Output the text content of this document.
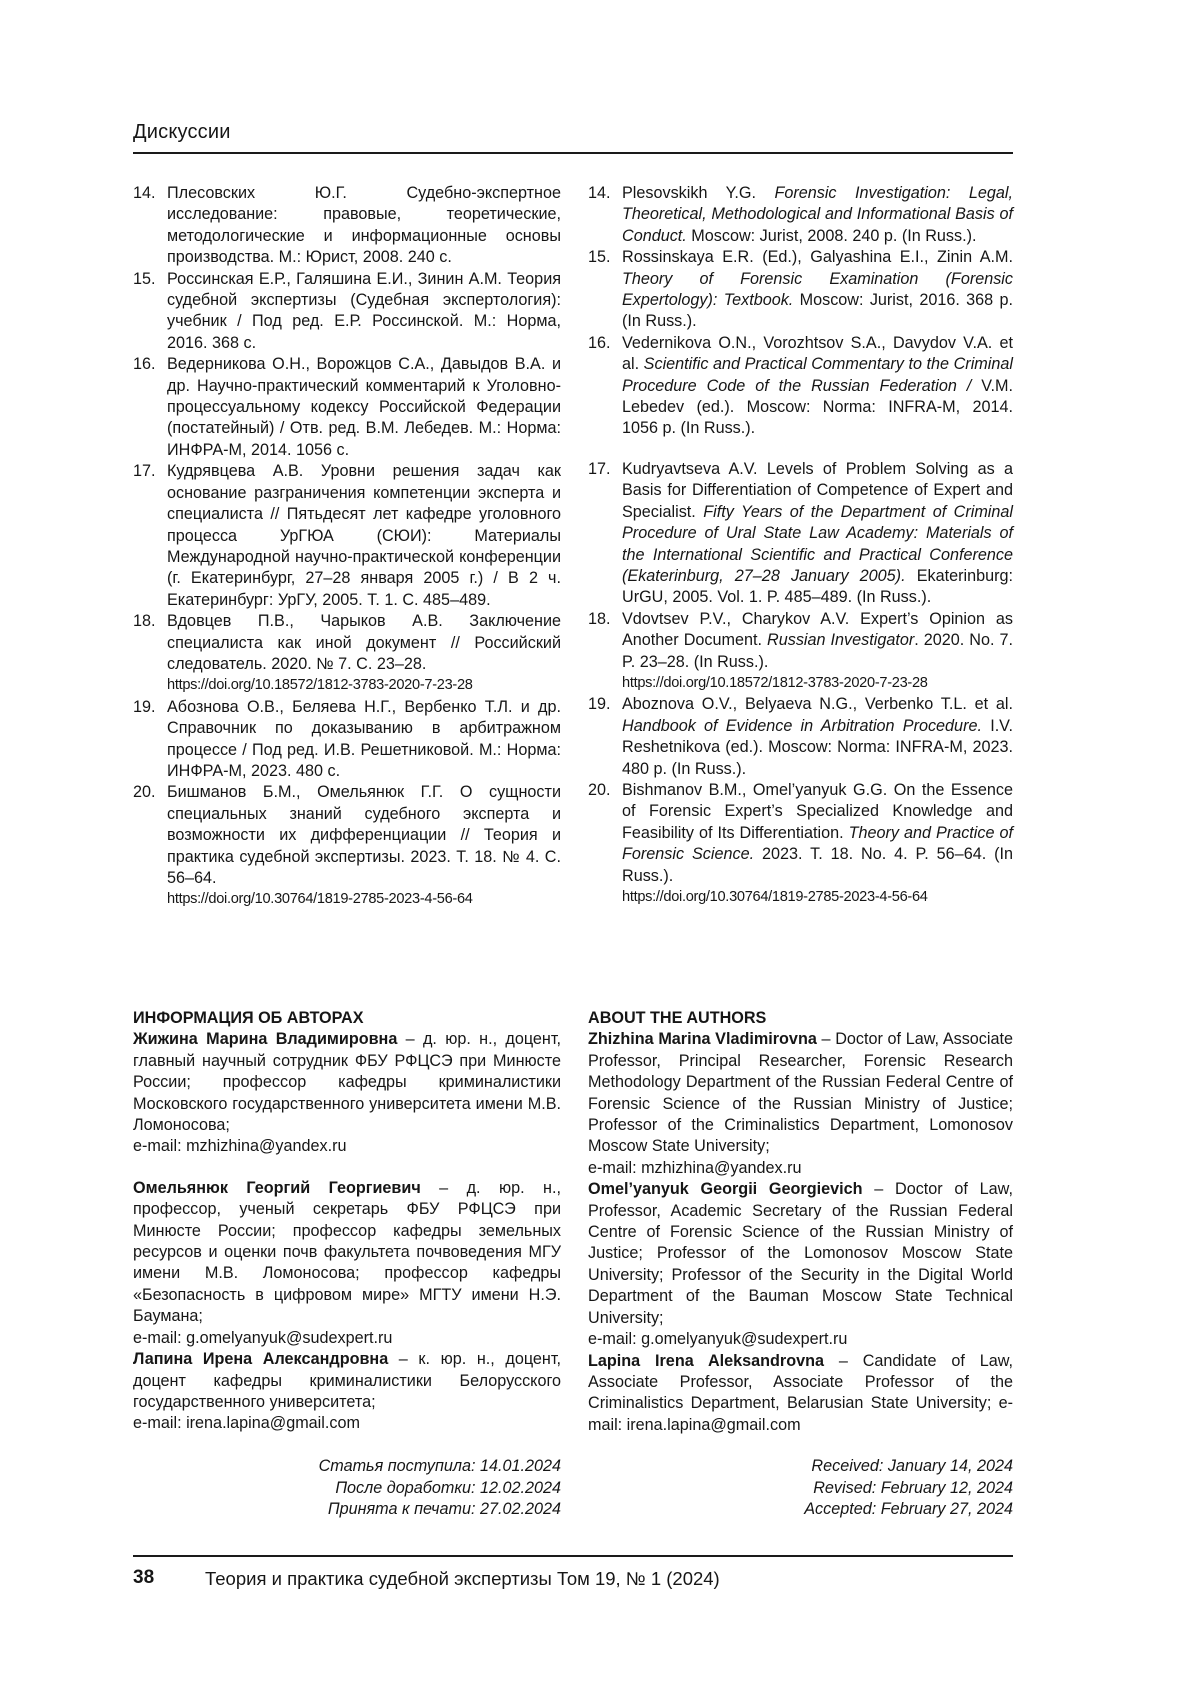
Дискуссии
14. Плесовских Ю.Г. Судебно-экспертное исследование: правовые, теоретические, методологические и информационные основы производства. М.: Юрист, 2008. 240 с.
15. Россинская Е.Р., Галяшина Е.И., Зинин А.М. Теория судебной экспертизы (Судебная экспертология): учебник / Под ред. Е.Р. Россинской. М.: Норма, 2016. 368 с.
16. Ведерникова О.Н., Ворожцов С.А., Давыдов В.А. и др. Научно-практический комментарий к Уголовно-процессуальному кодексу Российской Федерации (постатейный) / Отв. ред. В.М. Лебедев. М.: Норма: ИНФРА-М, 2014. 1056 с.
17. Кудрявцева А.В. Уровни решения задач как основание разграничения компетенции эксперта и специалиста // Пятьдесят лет кафедре уголовного процесса УрГЮА (СЮИ): Материалы Международной научно-практической конференции (г. Екатеринбург, 27–28 января 2005 г.) / В 2 ч. Екатеринбург: УрГУ, 2005. Т. 1. С. 485–489.
18. Вдовцев П.В., Чарыков А.В. Заключение специалиста как иной документ // Российский следователь. 2020. № 7. С. 23–28.
https://doi.org/10.18572/1812-3783-2020-7-23-28
19. Абознова О.В., Беляева Н.Г., Вербенко Т.Л. и др. Справочник по доказыванию в арбитражном процессе / Под ред. И.В. Решетниковой. М.: Норма: ИНФРА-М, 2023. 480 с.
20. Бишманов Б.М., Омельянюк Г.Г. О сущности специальных знаний судебного эксперта и возможности их дифференциации // Теория и практика судебной экспертизы. 2023. Т. 18. № 4. С. 56–64.
https://doi.org/10.30764/1819-2785-2023-4-56-64
14. Plesovskikh Y.G. Forensic Investigation: Legal, Theoretical, Methodological and Informational Basis of Conduct. Moscow: Jurist, 2008. 240 p. (In Russ.).
15. Rossinskaya E.R. (Ed.), Galyashina E.I., Zinin A.M. Theory of Forensic Examination (Forensic Expertology): Textbook. Moscow: Jurist, 2016. 368 p. (In Russ.).
16. Vedernikova O.N., Vorozhtsov S.A., Davydov V.A. et al. Scientific and Practical Commentary to the Criminal Procedure Code of the Russian Federation / V.M. Lebedev (ed.). Moscow: Norma: INFRA-M, 2014. 1056 p. (In Russ.).
17. Kudryavtseva A.V. Levels of Problem Solving as a Basis for Differentiation of Competence of Expert and Specialist. Fifty Years of the Department of Criminal Procedure of Ural State Law Academy: Materials of the International Scientific and Practical Conference (Ekaterinburg, 27–28 January 2005). Ekaterinburg: UrGU, 2005. Vol. 1. P. 485–489. (In Russ.).
18. Vdovtsev P.V., Charykov A.V. Expert’s Opinion as Another Document. Russian Investigator. 2020. No. 7. P. 23–28. (In Russ.).
https://doi.org/10.18572/1812-3783-2020-7-23-28
19. Aboznova O.V., Belyaeva N.G., Verbenko T.L. et al. Handbook of Evidence in Arbitration Procedure. I.V. Reshetnikova (ed.). Moscow: Norma: INFRA-M, 2023. 480 p. (In Russ.).
20. Bishmanov B.M., Omel’yanyuk G.G. On the Essence of Forensic Expert’s Specialized Knowledge and Feasibility of Its Differentiation. Theory and Practice of Forensic Science. 2023. T. 18. No. 4. P. 56–64. (In Russ.).
https://doi.org/10.30764/1819-2785-2023-4-56-64
ИНФОРМАЦИЯ ОБ АВТОРАХ

Жижина Марина Владимировна – д. юр. н., доцент, главный научный сотрудник ФБУ РФЦСЭ при Минюсте России; профессор кафедры криминалистики Московского государственного университета имени М.В. Ломоносова;
e-mail: mzhizhina@yandex.ru

Омельянюк Георгий Георгиевич – д. юр. н., профессор, ученый секретарь ФБУ РФЦСЭ при Минюсте России; профессор кафедры земельных ресурсов и оценки почв факультета почвоведения МГУ имени М.В. Ломоносова; профессор кафедры «Безопасность в цифровом мире» МГТУ имени Н.Э. Баумана;
e-mail: g.omelyanyuk@sudexpert.ru

Лапина Ирена Александровна – к. юр. н., доцент, доцент кафедры криминалистики Белорусского государственного университета;
e-mail: irena.lapina@gmail.com

ABOUT THE AUTHORS

Zhizhina Marina Vladimirovna – Doctor of Law, Associate Professor, Principal Researcher, Forensic Research Methodology Department of the Russian Federal Centre of Forensic Science of the Russian Ministry of Justice; Professor of the Criminalistics Department, Lomonosov Moscow State University;
e-mail: mzhizhina@yandex.ru

Omel’yanyuk Georgii Georgievich – Doctor of Law, Professor, Academic Secretary of the Russian Federal Centre of Forensic Science of the Russian Ministry of Justice; Professor of the Lomonosov Moscow State University; Professor of the Security in the Digital World Department of the Bauman Moscow State Technical University;
e-mail: g.omelyanyuk@sudexpert.ru

Lapina Irena Aleksandrovna – Candidate of Law, Associate Professor, Associate Professor of the Criminalistics Department, Belarusian State University; e-mail: irena.lapina@gmail.com

Статья поступила: 14.01.2024
После доработки: 12.02.2024
Принята к печати: 27.02.2024
Received: January 14, 2024
Revised: February 12, 2024
Accepted: February 27, 2024
38	Теория и практика судебной экспертизы Том 19, № 1 (2024)
